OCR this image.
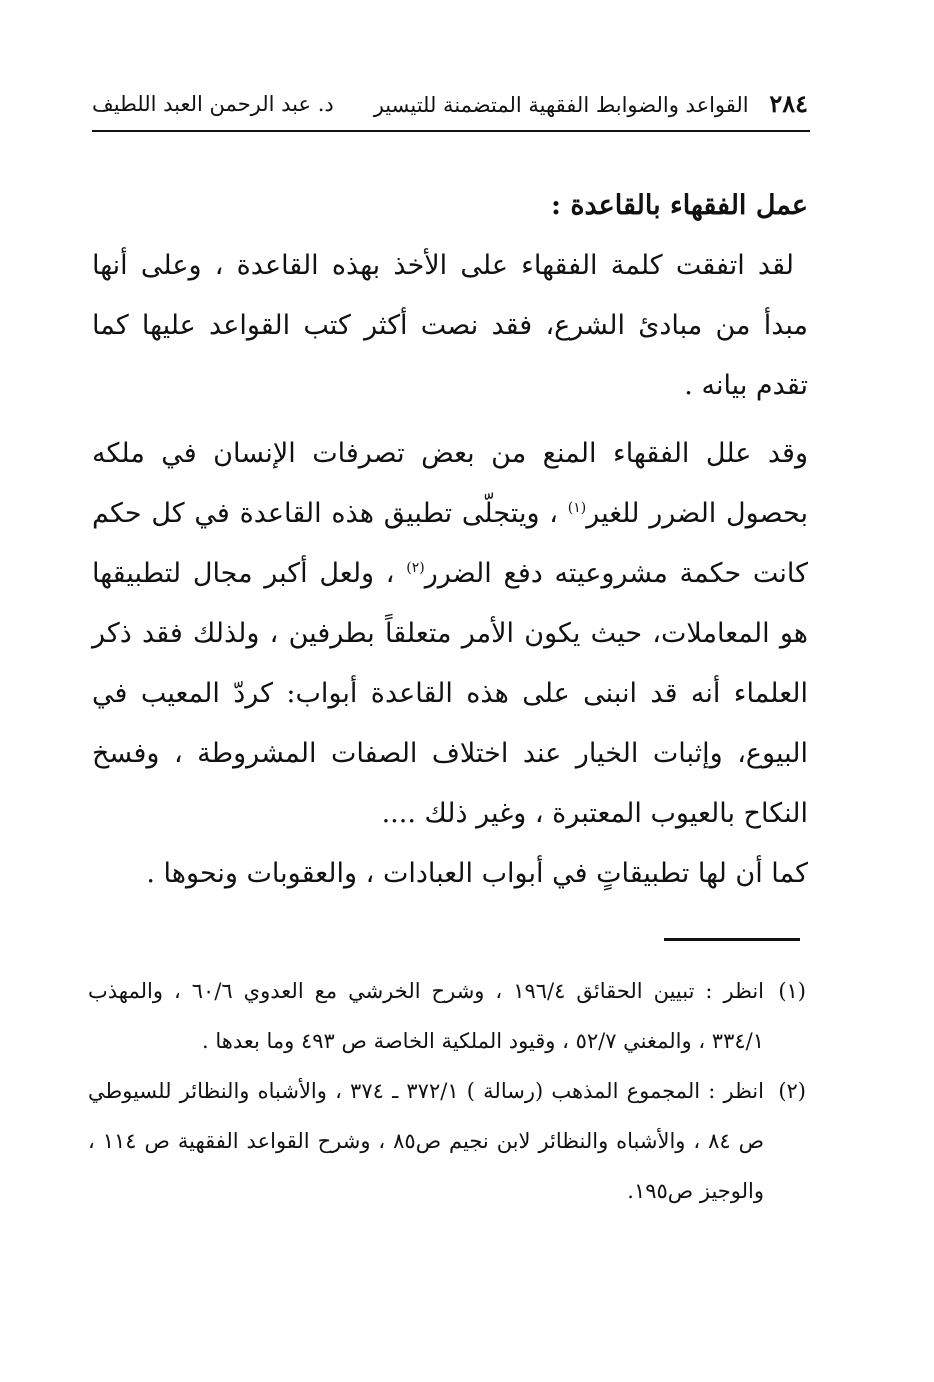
٢٨٤ القواعد والضوابط الفقهية المتضمنة للتيسير
د. عبد الرحمن العبد اللطيف

عمل الفقهاء بالقاعدة :

لقد اتفقت كلمة الفقهاء على الأخذ بهذه القاعدة ، وعلى أنها مبدأ من مبادئ الشرع، فقد نصت أكثر كتب القواعد عليها كما تقدم بيانه .

وقد علل الفقهاء المنع من بعض تصرفات الإنسان في ملكه بحصول الضرر للغير$^{(١)}$ ، ويتجلّى تطبيق هذه القاعدة في كل حكم كانت حكمة مشروعيته دفع الضرر$^{(٢)}$ ، ولعل أكبر مجال لتطبيقها هو المعاملات، حيث يكون الأمر متعلقاً بطرفين ، ولذلك فقد ذكر العلماء أنه قد انبنى على هذه القاعدة أبواب: كردّ المعيب في البيوع، وإثبات الخيار عند اختلاف الصفات المشروطة ، وفسخ النكاح بالعيوب المعتبرة ، وغير ذلك ....

كما أن لها تطبيقاتٍ في أبواب العبادات ، والعقوبات ونحوها .

(١)
انظر : تبيين الحقائق ١٩٦/٤ ، وشرح الخرشي مع العدوي ٦٠/٦ ، والمهذب ٣٣٤/١ ، والمغني ٥٢/٧ ، وقيود الملكية الخاصة ص ٤٩٣ وما بعدها .

(٢)
انظر : المجموع المذهب (رسالة ) ٣٧٢/١ ـ ٣٧٤ ، والأشباه والنظائر للسيوطي ص ٨٤ ، والأشباه والنظائر لابن نجيم ص٨٥ ، وشرح القواعد الفقهية ص ١١٤ ، والوجيز ص١٩٥.
